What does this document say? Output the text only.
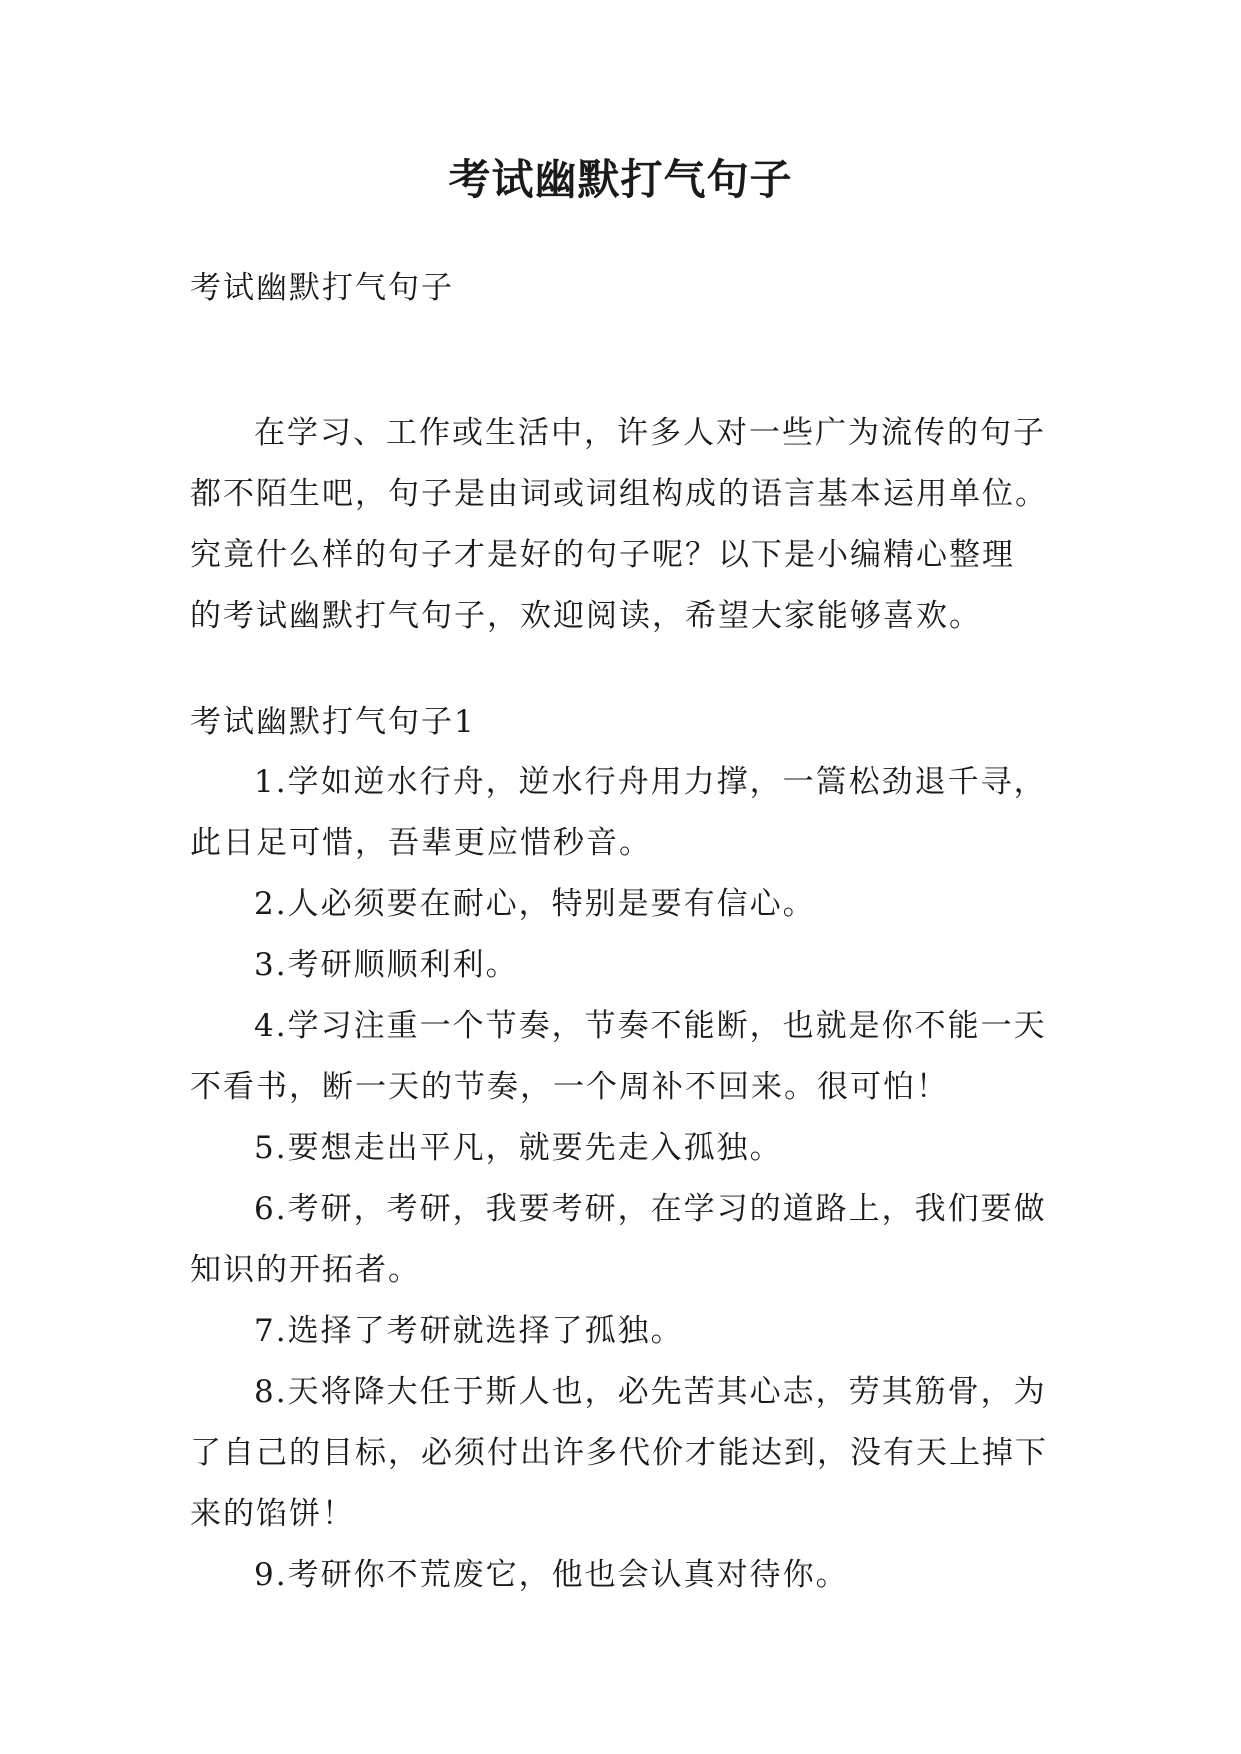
考试幽默打气句子
考试幽默打气句子
在学习、工作或生活中，许多人对一些广为流传的句子
都不陌生吧，句子是由词或词组构成的语言基本运用单位。
究竟什么样的句子才是好的句子呢？以下是小编精心整理
的考试幽默打气句子，欢迎阅读，希望大家能够喜欢。
考试幽默打气句子1
1.学如逆水行舟，逆水行舟用力撑，一篙松劲退千寻，
此日足可惜，吾辈更应惜秒音。
2.人必须要在耐心，特别是要有信心。
3.考研顺顺利利。
4.学习注重一个节奏，节奏不能断，也就是你不能一天
不看书，断一天的节奏，一个周补不回来。很可怕！
5.要想走出平凡，就要先走入孤独。
6.考研，考研，我要考研，在学习的道路上，我们要做
知识的开拓者。
7.选择了考研就选择了孤独。
8.天将降大任于斯人也，必先苦其心志，劳其筋骨，为
了自己的目标，必须付出许多代价才能达到，没有天上掉下
来的馅饼！
9.考研你不荒废它，他也会认真对待你。
